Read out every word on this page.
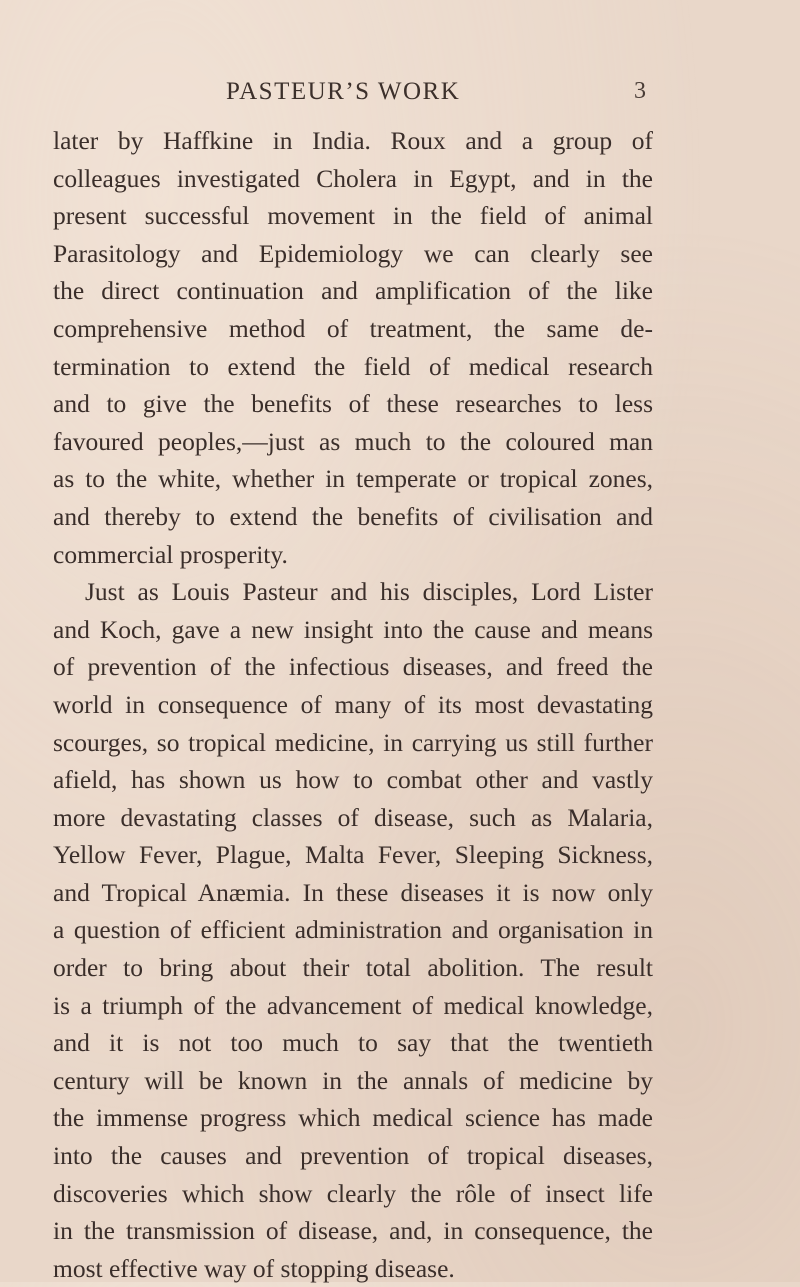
PASTEUR’S WORK	3
later by Haffkine in India. Roux and a group of
colleagues investigated Cholera in Egypt, and in the
present successful movement in the field of animal
Parasitology and Epidemiology we can clearly see
the direct continuation and amplification of the like
comprehensive method of treatment, the same de-
termination to extend the field of medical research
and to give the benefits of these researches to less
favoured peoples,—just as much to the coloured man
as to the white, whether in temperate or tropical zones,
and thereby to extend the benefits of civilisation and
commercial prosperity.
Just as Louis Pasteur and his disciples, Lord Lister
and Koch, gave a new insight into the cause and means
of prevention of the infectious diseases, and freed the
world in consequence of many of its most devastating
scourges, so tropical medicine, in carrying us still further
afield, has shown us how to combat other and vastly
more devastating classes of disease, such as Malaria,
Yellow Fever, Plague, Malta Fever, Sleeping Sickness,
and Tropical Anæmia. In these diseases it is now only
a question of efficient administration and organisation in
order to bring about their total abolition. The result
is a triumph of the advancement of medical knowledge,
and it is not too much to say that the twentieth
century will be known in the annals of medicine by
the immense progress which medical science has made
into the causes and prevention of tropical diseases,
discoveries which show clearly the rôle of insect life
in the transmission of disease, and, in consequence, the
most effective way of stopping disease.
